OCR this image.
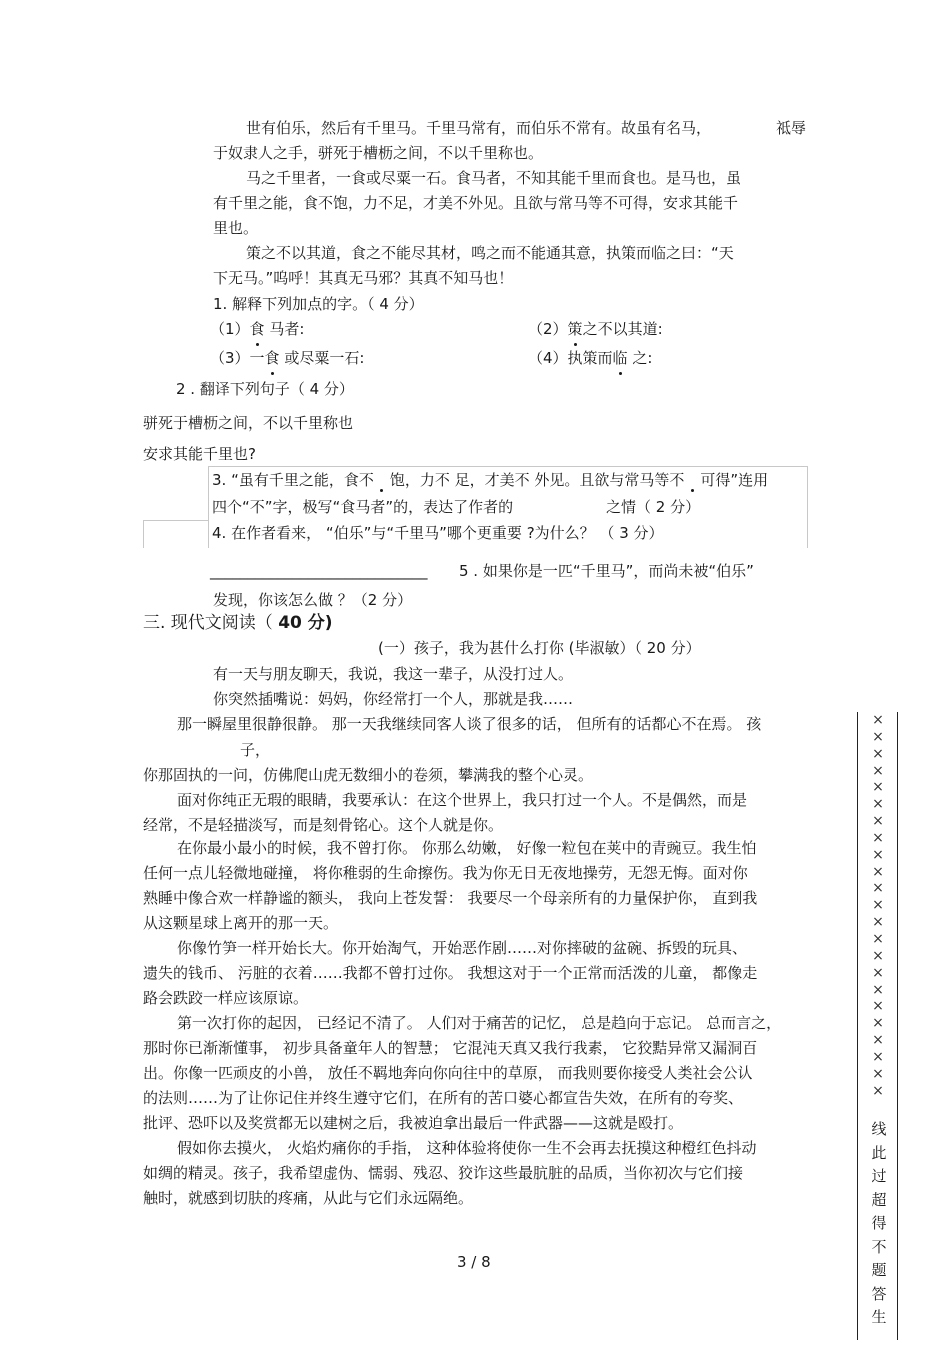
世有伯乐，然后有千里马。千里马常有，而伯乐不常有。故虽有名马，	祗辱
于奴隶人之手，骈死于槽枥之间，不以千里称也。
马之千里者，一食或尽粟一石。食马者，不知其能千里而食也。是马也，虽
有千里之能，食不饱，力不足，才美不外见。且欲与常马等不可得，安求其能千
里也。
策之不以其道，食之不能尽其材，鸣之而不能通其意，执策而临之曰：“天
下无马。”呜呼！其真无马邪？其真不知马也！
1. 解释下列加点的字。（ 4 分）
（1）食 马者:	（2）策之不以其道:
（3）一食 或尽粟一石:	（4）执策而临 之:
2 . 翻译下列句子（ 4 分）
骈死于槽枥之间，不以千里称也
安求其能千里也?
3. “虽有千里之能，食不 饱，力不 足，才美不 外见。且欲与常马等不 可得”连用
四个“不”字，极写“食马者”的，表达了作者的	之情（ 2 分）
4. 在作者看来， “伯乐”与“千里马”哪个更重要 ?为什么？ （ 3 分）
_____________________________ 5 . 如果你是一匹“千里马”，而尚未被“伯乐”
发现，你该怎么做 ？（2 分）
三. 现代文阅读（ 40 分)
(一）孩子，我为甚什么打你 (毕淑敏）（ 20 分）
有一天与朋友聊天，我说，我这一辈子，从没打过人。
你突然插嘴说：妈妈，你经常打一个人，那就是我……
那一瞬屋里很静很静。 那一天我继续同客人谈了很多的话， 但所有的话都心不在焉。 孩
子，
你那固执的一问，仿佛爬山虎无数细小的卷须，攀满我的整个心灵。
面对你纯正无瑕的眼睛，我要承认：在这个世界上，我只打过一个人。不是偶然，而是
经常，不是轻描淡写，而是刻骨铭心。这个人就是你。
在你最小最小的时候，我不曾打你。 你那么幼嫩， 好像一粒包在荚中的青豌豆。我生怕
任何一点儿轻微地碰撞， 将你稚弱的生命擦伤。我为你无日无夜地操劳，无怨无悔。面对你
熟睡中像合欢一样静谧的额头， 我向上苍发誓： 我要尽一个母亲所有的力量保护你， 直到我
从这颗星球上离开的那一天。
你像竹笋一样开始长大。你开始淘气，开始恶作剧……对你摔破的盆碗、拆毁的玩具、
遗失的钱币、 污脏的衣着……我都不曾打过你。 我想这对于一个正常而活泼的儿童， 都像走
路会跌跤一样应该原谅。
第一次打你的起因， 已经记不清了。 人们对于痛苦的记忆， 总是趋向于忘记。 总而言之，
那时你已渐渐懂事， 初步具备童年人的智慧； 它混沌天真又我行我素， 它狡黠异常又漏洞百
出。你像一匹顽皮的小兽， 放任不羁地奔向你向往中的草原， 而我则要你接受人类社会公认
的法则……为了让你记住并终生遵守它们，在所有的苦口婆心都宣告失效，在所有的夸奖、
批评、恐吓以及奖赏都无以建树之后，我被迫拿出最后一件武器——这就是殴打。
假如你去摸火， 火焰灼痛你的手指， 这种体验将使你一生不会再去抚摸这种橙红色抖动
如绸的精灵。孩子，我希望虚伪、懦弱、残忍、狡诈这些最肮脏的品质，当你初次与它们接
触时，就感到切肤的疼痛，从此与它们永远隔绝。
3 / 8
×
×
×
×
×
×
×
×
×
×
×
×
×
×
×
×
×
×
×
×
×
×
×
线
此
过
超
得
不
题
答
生
